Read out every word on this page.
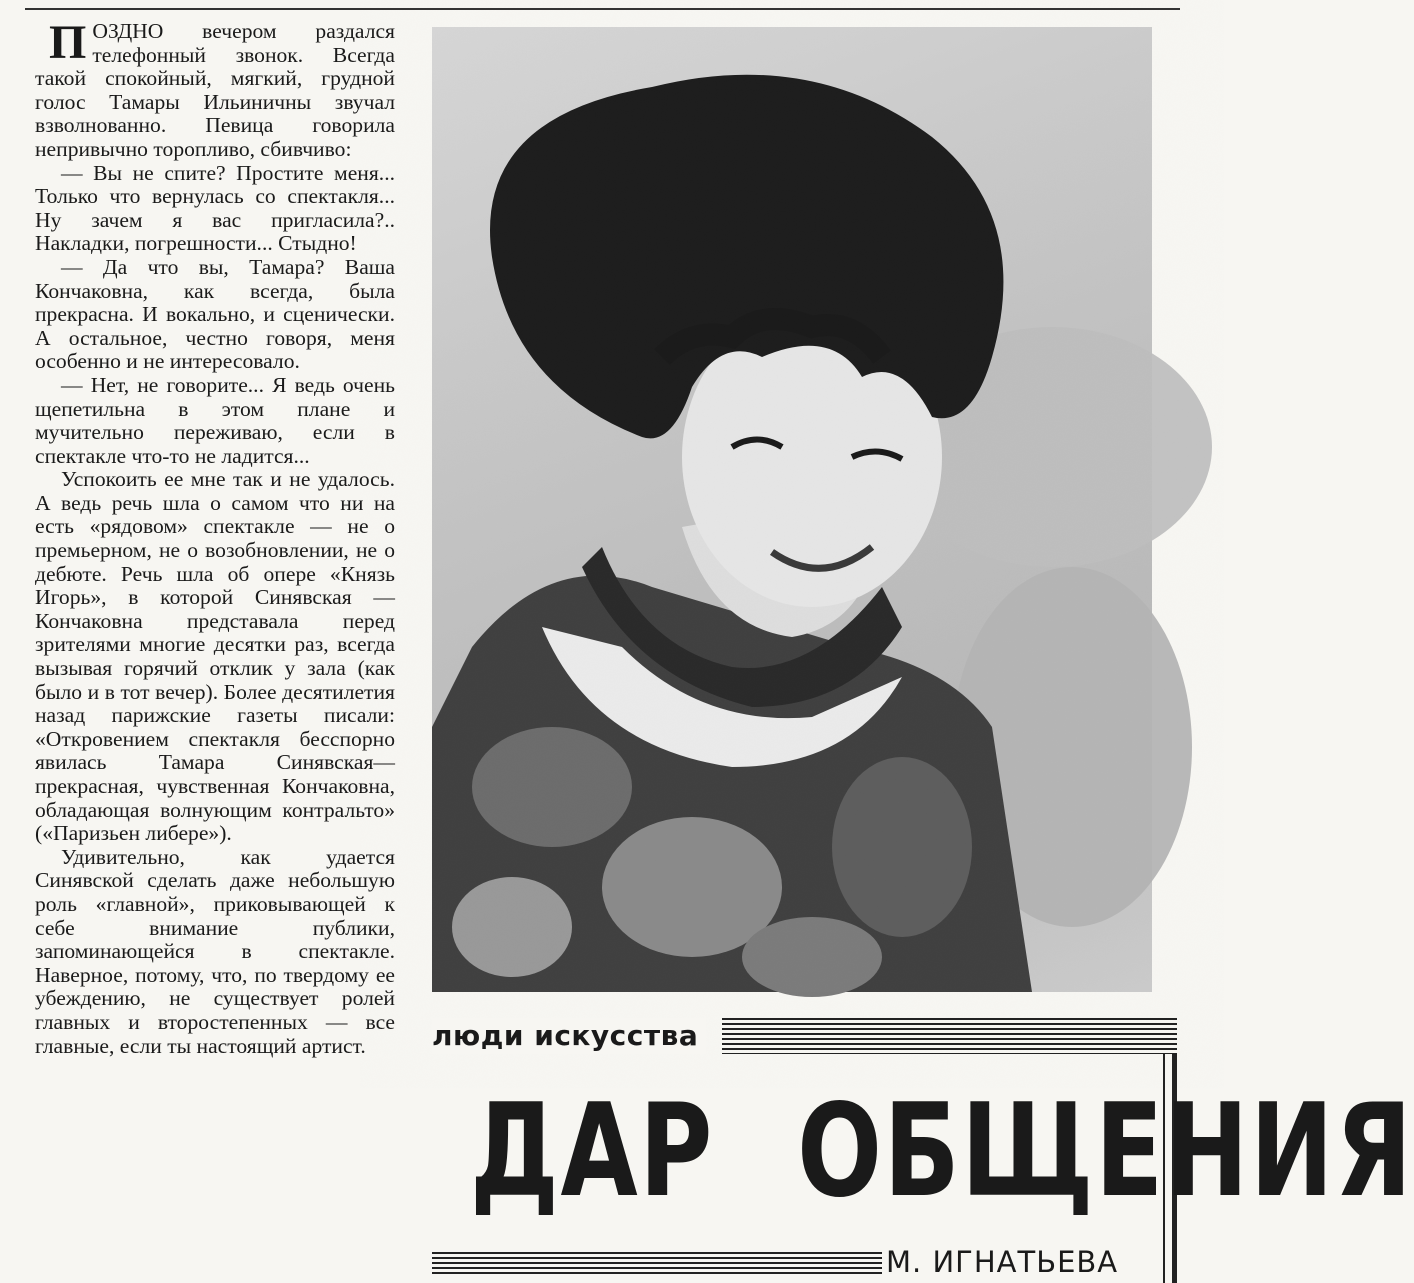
ПОЗДНО вечером раздался телефонный звонок. Всегда такой спокойный, мягкий, грудной голос Тамары Ильиничны звучал взволнованно. Певица говорила непривычно торопливо, сбивчиво:

— Вы не спите? Простите меня... Только что вернулась со спектакля... Ну зачем я вас пригласила?.. Накладки, погрешности... Стыдно!

— Да что вы, Тамара? Ваша Кончаковна, как всегда, была прекрасна. И вокально, и сценически. А остальное, честно говоря, меня особенно и не интересовало.

— Нет, не говорите... Я ведь очень щепетильна в этом плане и мучительно переживаю, если в спектакле что-то не ладится...

Успокоить ее мне так и не удалось. А ведь речь шла о самом что ни на есть «рядовом» спектакле — не о премьерном, не о возобновлении, не о дебюте. Речь шла об опере «Князь Игорь», в которой Синявская — Кончаковна представала перед зрителями многие десятки раз, всегда вызывая горячий отклик у зала (как было и в тот вечер). Более десятилетия назад парижские газеты писали: «Откровением спектакля бесспорно явилась Тамара Синявская—прекрасная, чувственная Кончаковна, обладающая волнующим контральто» («Паризьен либере»).

Удивительно, как удается Синявской сделать даже небольшую роль «главной», приковывающей к себе внимание публики, запоминающейся в спектакле. Наверное, потому, что, по твердому ее убеждению, не существует ролей главных и второстепенных — все главные, если ты настоящий артист.	люди искусства
ДАР ОБЩЕНИЯ
М. ИГНАТЬЕВА
